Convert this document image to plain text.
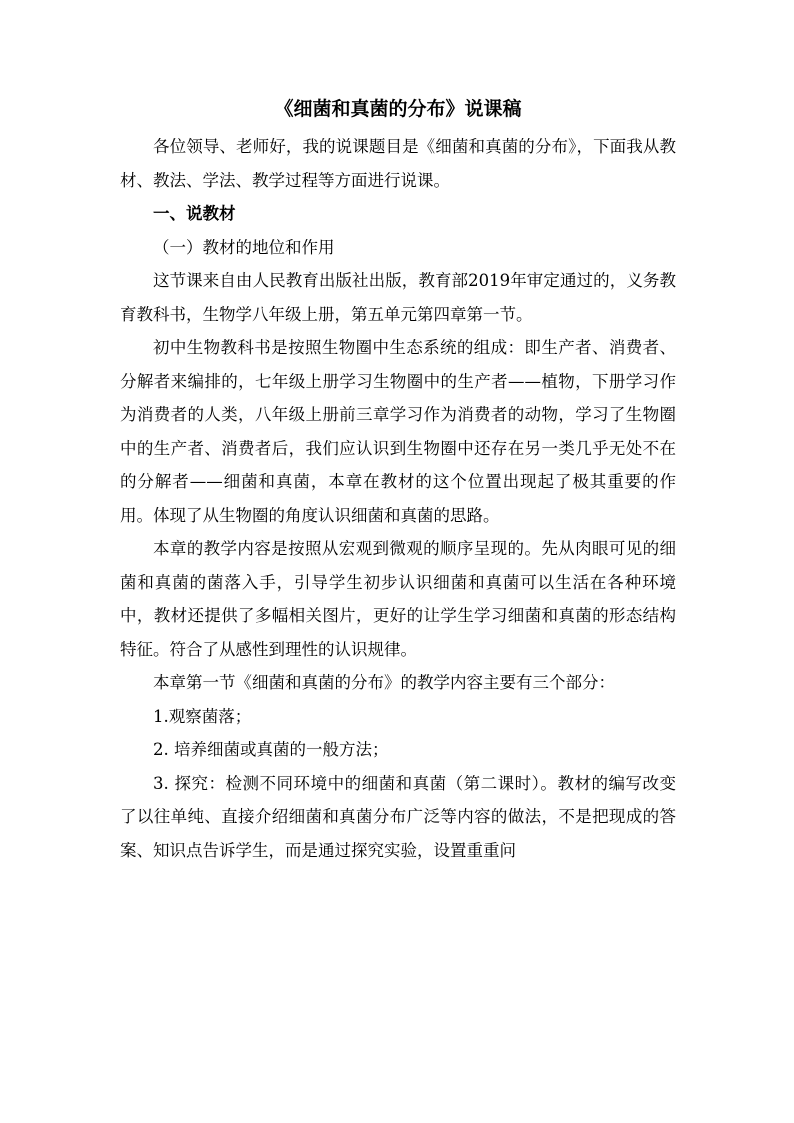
《细菌和真菌的分布》说课稿

各位领导、老师好，我的说课题目是《细菌和真菌的分布》，下面我从教材、教法、学法、教学过程等方面进行说课。

一、说教材

（一）教材的地位和作用

这节课来自由人民教育出版社出版，教育部2019年审定通过的，义务教育教科书，生物学八年级上册，第五单元第四章第一节。

初中生物教科书是按照生物圈中生态系统的组成：即生产者、消费者、分解者来编排的，七年级上册学习生物圈中的生产者——植物，下册学习作为消费者的人类，八年级上册前三章学习作为消费者的动物，学习了生物圈中的生产者、消费者后，我们应认识到生物圈中还存在另一类几乎无处不在的分解者——细菌和真菌，本章在教材的这个位置出现起了极其重要的作用。体现了从生物圈的角度认识细菌和真菌的思路。

本章的教学内容是按照从宏观到微观的顺序呈现的。先从肉眼可见的细菌和真菌的菌落入手，引导学生初步认识细菌和真菌可以生活在各种环境中，教材还提供了多幅相关图片，更好的让学生学习细菌和真菌的形态结构特征。符合了从感性到理性的认识规律。

本章第一节《细菌和真菌的分布》的教学内容主要有三个部分：

1.观察菌落；

2. 培养细菌或真菌的一般方法；

3. 探究：检测不同环境中的细菌和真菌（第二课时）。教材的编写改变了以往单纯、直接介绍细菌和真菌分布广泛等内容的做法，不是把现成的答案、知识点告诉学生，而是通过探究实验，设置重重问
